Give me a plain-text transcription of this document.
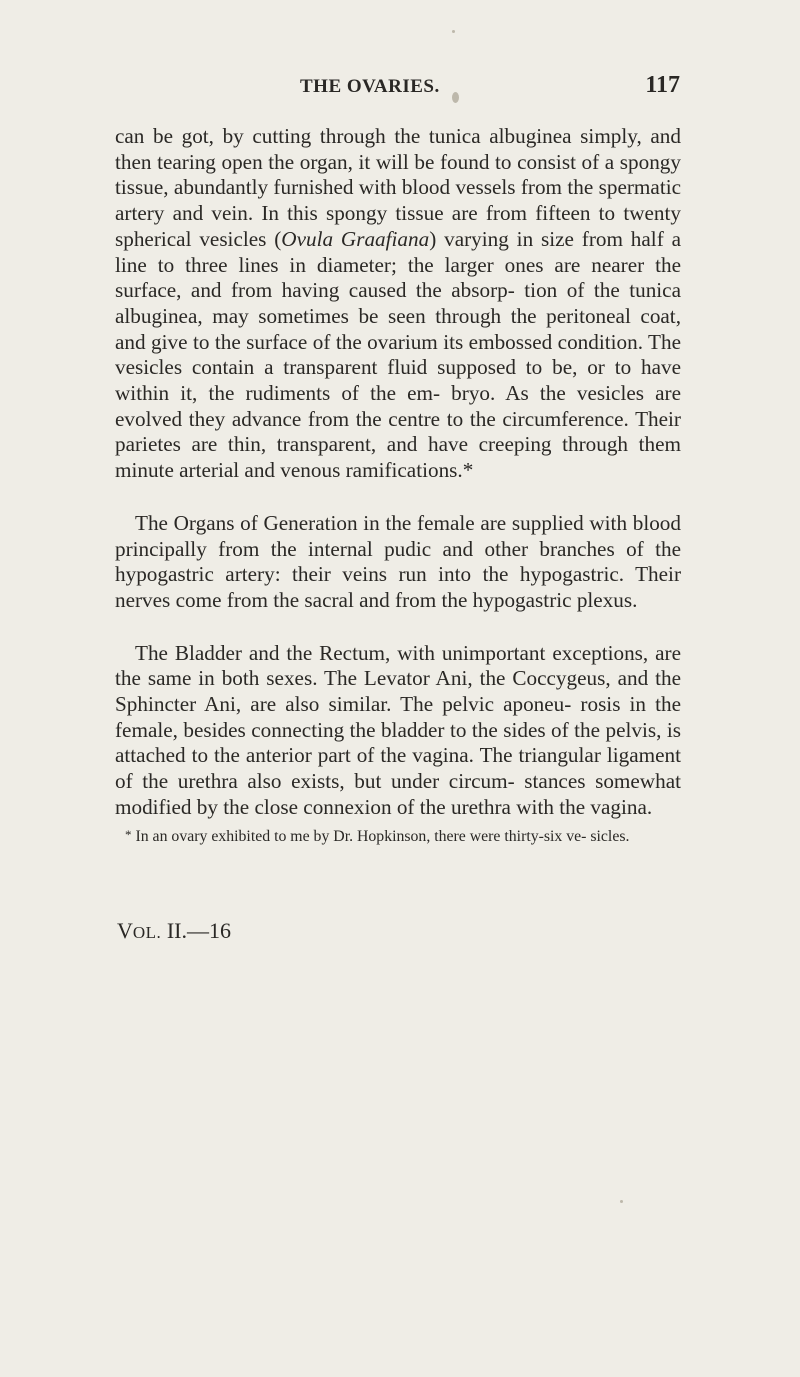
THE OVARIES.	117

can be got, by cutting through the tunica albuginea simply, and then tearing open the organ, it will be found to consist of a spongy tissue, abundantly furnished with blood vessels from the spermatic artery and vein. In this spongy tissue are from fifteen to twenty spherical vesicles (Ovula Graafiana) varying in size from half a line to three lines in diameter; the larger ones are nearer the surface, and from having caused the absorp- tion of the tunica albuginea, may sometimes be seen through the peritoneal coat, and give to the surface of the ovarium its embossed condition. The vesicles contain a transparent fluid supposed to be, or to have within it, the rudiments of the em- bryo. As the vesicles are evolved they advance from the centre to the circumference. Their parietes are thin, transparent, and have creeping through them minute arterial and venous ramifications.*

The Organs of Generation in the female are supplied with blood principally from the internal pudic and other branches of the hypogastric artery: their veins run into the hypogastric. Their nerves come from the sacral and from the hypogastric plexus.

The Bladder and the Rectum, with unimportant exceptions, are the same in both sexes. The Levator Ani, the Coccygeus, and the Sphincter Ani, are also similar. The pelvic aponeu- rosis in the female, besides connecting the bladder to the sides of the pelvis, is attached to the anterior part of the vagina. The triangular ligament of the urethra also exists, but under circum- stances somewhat modified by the close connexion of the urethra with the vagina.

* In an ovary exhibited to me by Dr. Hopkinson, there were thirty-six ve- sicles.
VOL. II.—16
